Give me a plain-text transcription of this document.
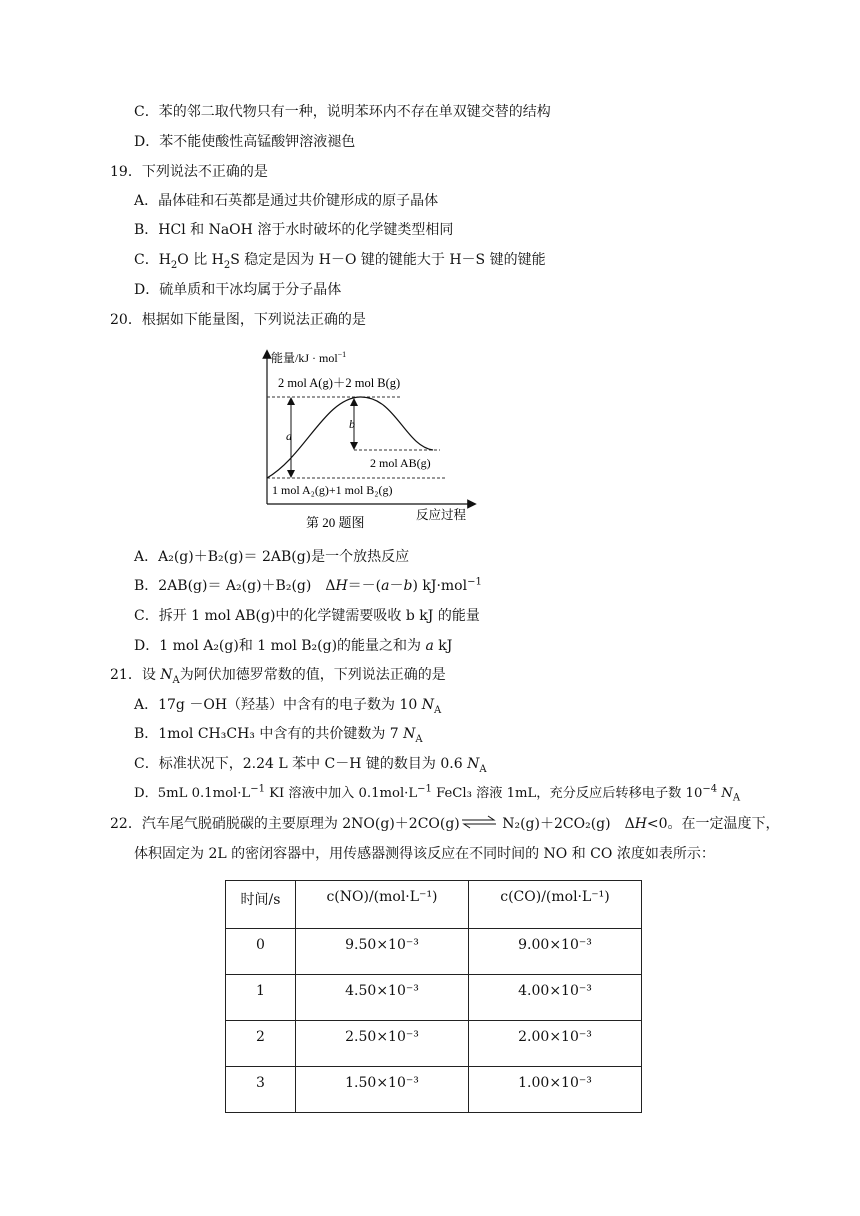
C．苯的邻二取代物只有一种，说明苯环内不存在单双键交替的结构
D．苯不能使酸性高锰酸钾溶液褪色
19．下列说法不正确的是
A．晶体硅和石英都是通过共价键形成的原子晶体
B．HCl 和 NaOH 溶于水时破坏的化学键类型相同
C．$H_2O$ 比 $H_2S$ 稳定是因为 H－O 键的键能大于 H－S 键的键能
D．硫单质和干冰均属于分子晶体
20．根据如下能量图，下列说法正确的是
能量/kJ · mol$^{-1}$
2 mol A(g)＋2 mol B(g)
a
b
2 mol AB(g)
1 mol A₂(g)+1 mol B₂(g)
反应过程
第 20 题图
A．A₂(g)＋B₂(g)＝ 2AB(g)是一个放热反应
B．2AB(g)＝ A₂(g)＋B₂(g)　ΔH＝－(a－b) kJ·mol$^{-1}$
C．拆开 1 mol AB(g)中的化学键需要吸收 b kJ 的能量
D．1 mol A₂(g)和 1 mol B₂(g)的能量之和为 a kJ
21．设 $N_A$为阿伏加德罗常数的值，下列说法正确的是
A．17g －OH（羟基）中含有的电子数为 10 $N_A$
B．1mol CH₃CH₃ 中含有的共价键数为 7 $N_A$
C．标准状况下，2.24 L 苯中 C－H 键的数目为 0.6 $N_A$
D．5mL $0.1mol\cdot L^{-1}$ KI 溶液中加入 $0.1mol\cdot L^{-1}$ FeCl₃ 溶液 1mL，充分反应后转移电子数 $10^{-4}$ $N_A$
22．汽车尾气脱硝脱碳的主要原理为 2NO(g)＋2CO(g)⇌ N₂(g)＋2CO₂(g)　ΔH<0。在一定温度下，
体积固定为 2L 的密闭容器中，用传感器测得该反应在不同时间的 NO 和 CO 浓度如表所示：
时间/s	c(NO)/(mol·L⁻¹)	c(CO)/(mol·L⁻¹)
0	9.50×10⁻³	9.00×10⁻³
1	4.50×10⁻³	4.00×10⁻³
2	2.50×10⁻³	2.00×10⁻³
3	1.50×10⁻³	1.00×10⁻³
